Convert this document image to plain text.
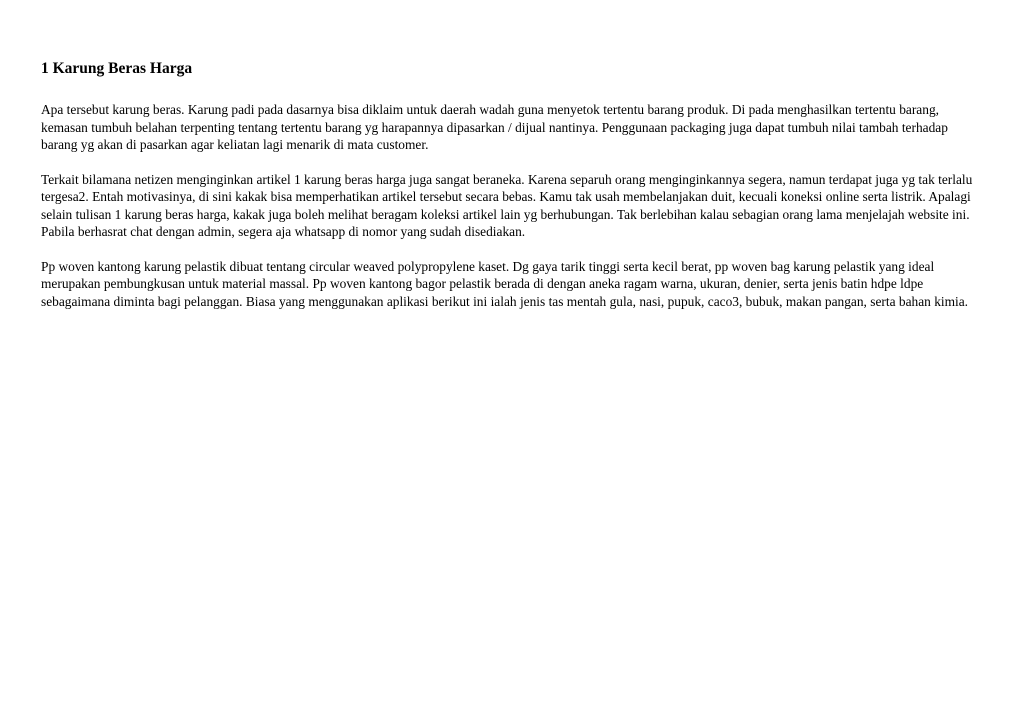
1 Karung Beras Harga

Apa tersebut karung beras. Karung padi pada dasarnya bisa diklaim untuk daerah wadah guna menyetok tertentu barang produk. Di pada menghasilkan tertentu barang, kemasan tumbuh belahan terpenting tentang tertentu barang yg harapannya dipasarkan / dijual nantinya. Penggunaan packaging juga dapat tumbuh nilai tambah terhadap barang yg akan di pasarkan agar keliatan lagi menarik di mata customer.

Terkait bilamana netizen menginginkan artikel 1 karung beras harga juga sangat beraneka. Karena separuh orang menginginkannya segera, namun terdapat juga yg tak terlalu tergesa2. Entah motivasinya, di sini kakak bisa memperhatikan artikel tersebut secara bebas. Kamu tak usah membelanjakan duit, kecuali koneksi online serta listrik. Apalagi selain tulisan 1 karung beras harga, kakak juga boleh melihat beragam koleksi artikel lain yg berhubungan. Tak berlebihan kalau sebagian orang lama menjelajah website ini. Pabila berhasrat chat dengan admin, segera aja whatsapp di nomor yang sudah disediakan.

Pp woven kantong karung pelastik dibuat tentang circular weaved polypropylene kaset. Dg gaya tarik tinggi serta kecil berat, pp woven bag karung pelastik yang ideal merupakan pembungkusan untuk material massal. Pp woven kantong bagor pelastik berada di dengan aneka ragam warna, ukuran, denier, serta jenis batin hdpe ldpe sebagaimana diminta bagi pelanggan. Biasa yang menggunakan aplikasi berikut ini ialah jenis tas mentah gula, nasi, pupuk, caco3, bubuk, makan pangan, serta bahan kimia.
